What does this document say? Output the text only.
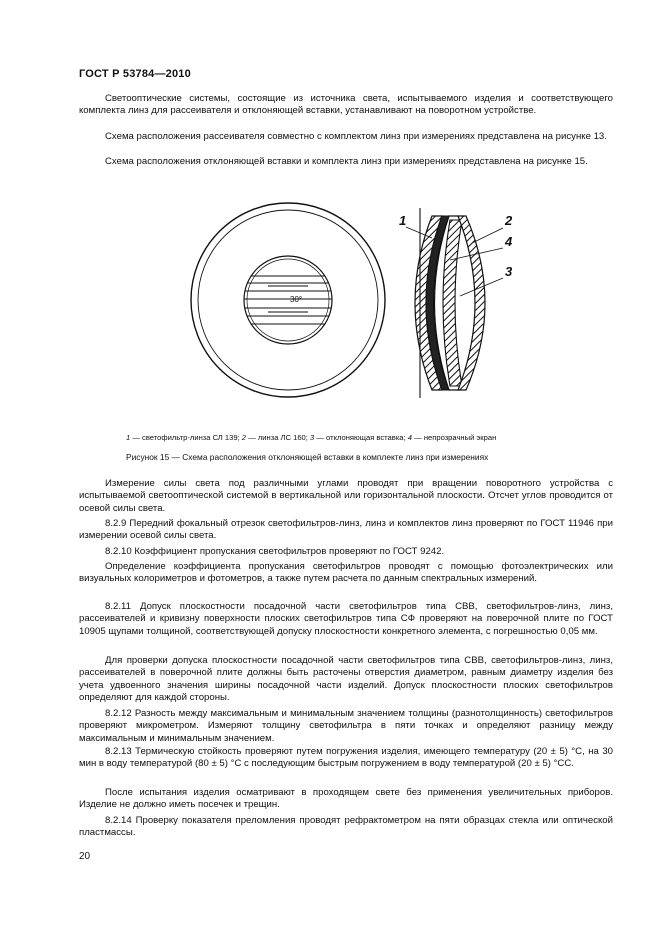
ГОСТ Р 53784—2010

Светооптические системы, состоящие из источника света, испытываемого изделия и соответствующего комплекта линз для рассеивателя и отклоняющей вставки, устанавливают на поворотном устройстве.

Схема расположения рассеивателя совместно с комплектом линз при измерениях представлена на рисунке 13.

Схема расположения отклоняющей вставки и комплекта линз при измерениях представлена на рисунке 15.

30°
1	2
4
3
1 — светофильтр-линза СЛ 139; 2 — линза ЛС 160; 3 — отклоняющая вставка; 4 — непрозрачный экран
Рисунок 15 — Схема расположения отклоняющей вставки в комплекте линз при измерениях

Измерение силы света под различными углами проводят при вращении поворотного устройства с испытываемой светооптической системой в вертикальной или горизонтальной плоскости. Отсчет углов проводится от осевой силы света.

8.2.9 Передний фокальный отрезок светофильтров-линз, линз и комплектов линз проверяют по ГОСТ 11946 при измерении осевой силы света.

8.2.10 Коэффициент пропускания светофильтров проверяют по ГОСТ 9242.

Определение коэффициента пропускания светофильтров проводят с помощью фотоэлектрических или визуальных колориметров и фотометров, а также путем расчета по данным спектральных измерений.

8.2.11 Допуск плоскостности посадочной части светофильтров типа СВВ, светофильтров-линз, линз, рассеивателей и кривизну поверхности плоских светофильтров типа СФ проверяют на поверочной плите по ГОСТ 10905 щупами толщиной, соответствующей допуску плоскостности конкретного элемента, с погрешностью 0,05 мм.

Для проверки допуска плоскостности посадочной части светофильтров типа СВВ, светофильтров-линз, линз, рассеивателей в поверочной плите должны быть расточены отверстия диаметром, равным диаметру изделия без учета удвоенного значения ширины посадочной части изделий. Допуск плоскостности плоских светофильтров определяют для каждой стороны.

8.2.12 Разность между максимальным и минимальным значением толщины (разнотолщинность) светофильтров проверяют микрометром. Измеряют толщину светофильтра в пяти точках и определяют разницу между максимальным и минимальным значением.

8.2.13 Термическую стойкость проверяют путем погружения изделия, имеющего температуру (20 ± 5) °С, на 30 мин в воду температурой (80 ± 5) °С с последующим быстрым погружением в воду температурой (20 ± 5) °СС.

После испытания изделия осматривают в проходящем свете без применения увеличительных приборов. Изделие не должно иметь посечек и трещин.

8.2.14 Проверку показателя преломления проводят рефрактометром на пяти образцах стекла или оптической пластмассы.

20
